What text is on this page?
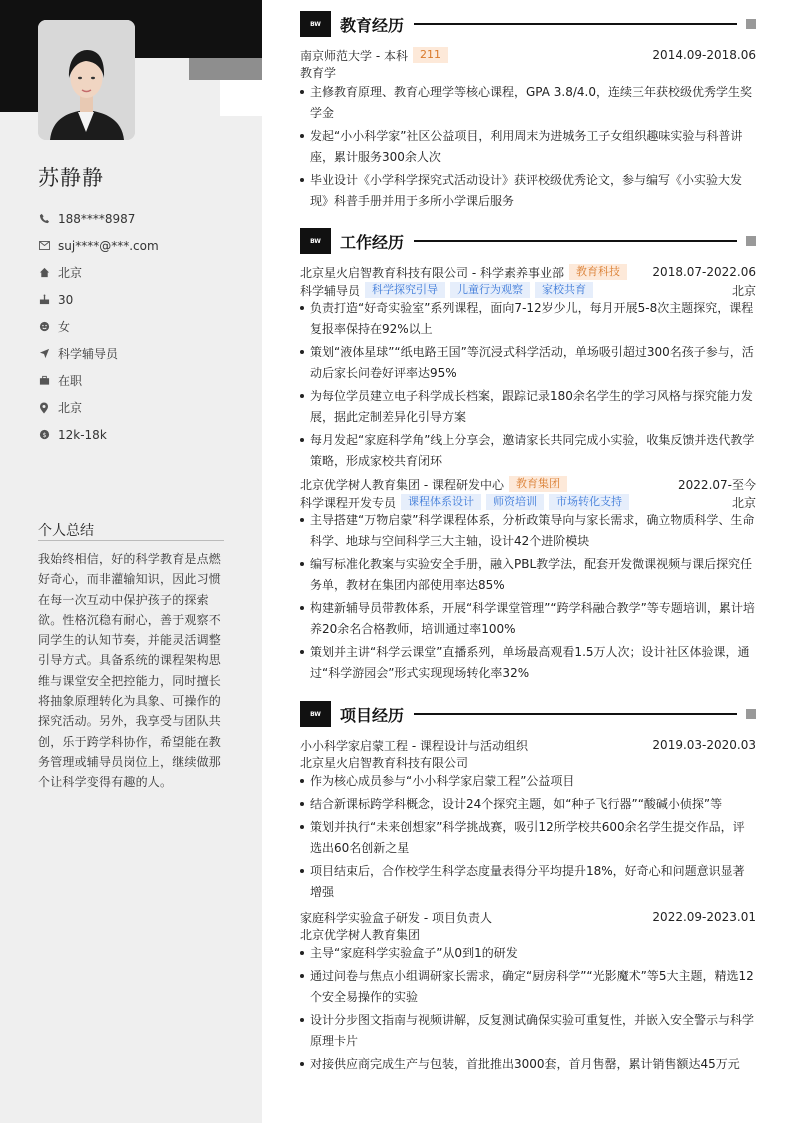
苏静静
188****8987
suj****@***.com
北京
30
女
科学辅导员
在职
北京
$ 12k-18k
个人总结
我始终相信，好的科学教育是点燃好奇心，而非灌输知识，因此习惯在每一次互动中保护孩子的探索欲。性格沉稳有耐心，善于观察不同学生的认知节奏，并能灵活调整引导方式。具备系统的课程架构思维与课堂安全把控能力，同时擅长将抽象原理转化为具象、可操作的探究活动。另外，我享受与团队共创，乐于跨学科协作，希望能在教务管理或辅导员岗位上，继续做那个让科学变得有趣的人。
BW	教育经历
南京师范大学 - 本科	211	2014.09-2018.06
教育学
主修教育原理、教育心理学等核心课程，GPA 3.8/4.0，连续三年获校级优秀学生奖学金
发起“小小科学家”社区公益项目，利用周末为进城务工子女组织趣味实验与科普讲座，累计服务300余人次
毕业设计《小学科学探究式活动设计》获评校级优秀论文，参与编写《小实验大发现》科普手册并用于多所小学课后服务
BW	工作经历
北京星火启智教育科技有限公司 - 科学素养事业部	教育科技	2018.07-2022.06
科学辅导员	科学探究引导	儿童行为观察	家校共育	北京
负责打造“好奇实验室”系列课程，面向7-12岁少儿，每月开展5-8次主题探究，课程复报率保持在92%以上
策划“液体星球”“纸电路王国”等沉浸式科学活动，单场吸引超过300名孩子参与，活动后家长问卷好评率达95%
为每位学员建立电子科学成长档案，跟踪记录180余名学生的学习风格与探究能力发展，据此定制差异化引导方案
每月发起“家庭科学角”线上分享会，邀请家长共同完成小实验，收集反馈并迭代教学策略，形成家校共育闭环
北京优学树人教育集团 - 课程研发中心	教育集团	2022.07-至今
科学课程开发专员	课程体系设计	师资培训	市场转化支持	北京
主导搭建“万物启蒙”科学课程体系，分析政策导向与家长需求，确立物质科学、生命科学、地球与空间科学三大主轴，设计42个进阶模块
编写标准化教案与实验安全手册，融入PBL教学法，配套开发微课视频与课后探究任务单，教材在集团内部使用率达85%
构建新辅导员带教体系，开展“科学课堂管理”“跨学科融合教学”等专题培训，累计培养20余名合格教师，培训通过率100%
策划并主讲“科学云课堂”直播系列，单场最高观看1.5万人次；设计社区体验课，通过“科学游园会”形式实现现场转化率32%
BW	项目经历
小小科学家启蒙工程 - 课程设计与活动组织	2019.03-2020.03
北京星火启智教育科技有限公司
作为核心成员参与“小小科学家启蒙工程”公益项目
结合新课标跨学科概念，设计24个探究主题，如“种子飞行器”“酸碱小侦探”等
策划并执行“未来创想家”科学挑战赛，吸引12所学校共600余名学生提交作品，评选出60名创新之星
项目结束后，合作校学生科学态度量表得分平均提升18%，好奇心和问题意识显著增强
家庭科学实验盒子研发 - 项目负责人	2022.09-2023.01
北京优学树人教育集团
主导“家庭科学实验盒子”从0到1的研发
通过问卷与焦点小组调研家长需求，确定“厨房科学”“光影魔术”等5大主题，精选12个安全易操作的实验
设计分步图文指南与视频讲解，反复测试确保实验可重复性，并嵌入安全警示与科学原理卡片
对接供应商完成生产与包装，首批推出3000套，首月售罄，累计销售额达45万元
